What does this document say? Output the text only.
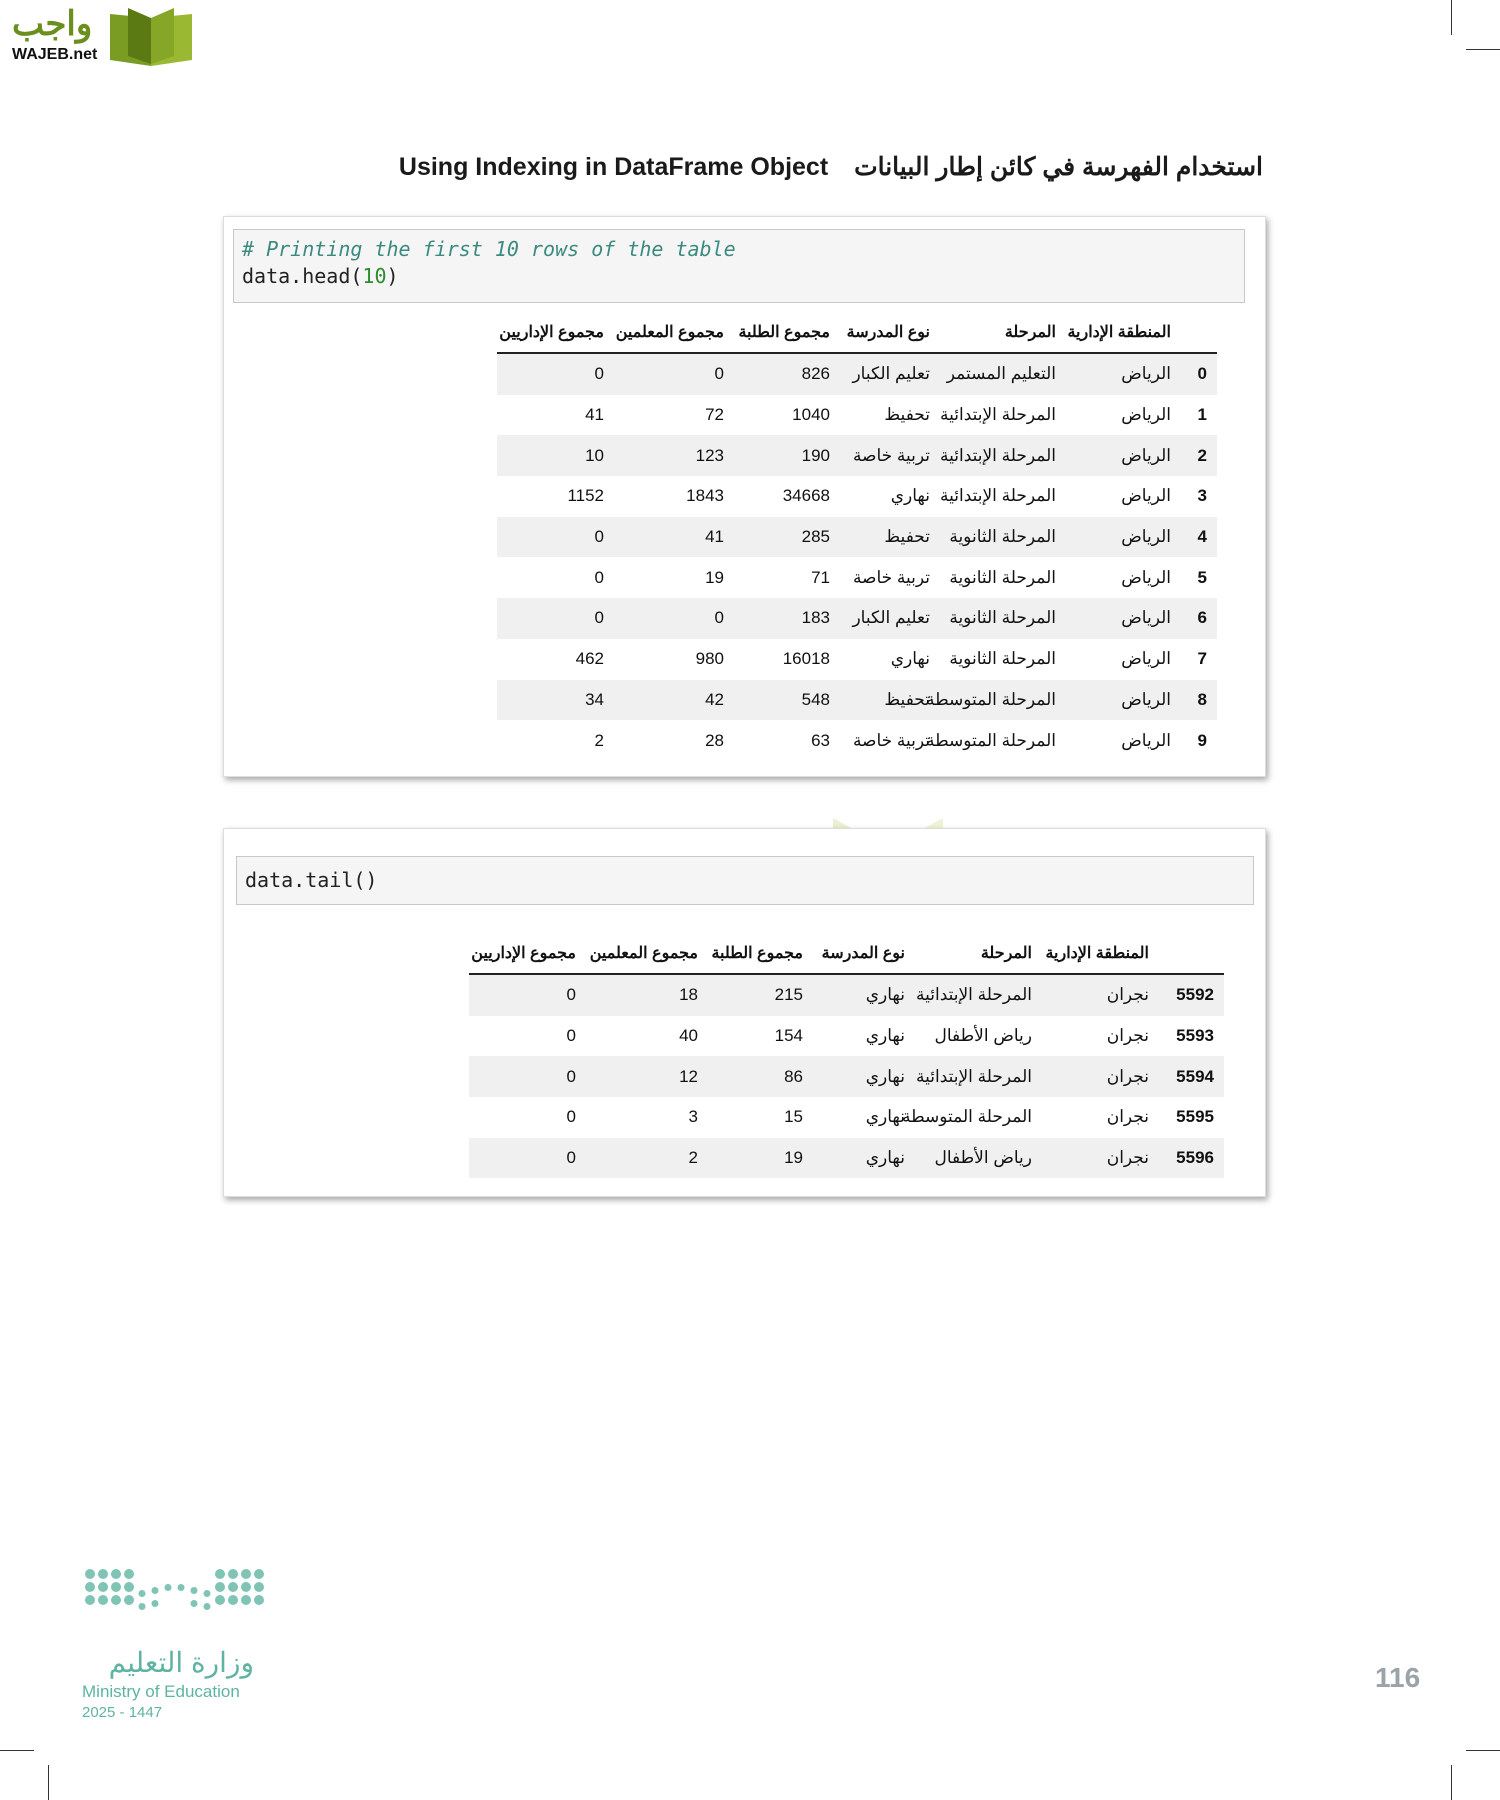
واجب
WAJEB.net
Using Indexing in DataFrame Object استخدام الفهرسة في كائن إطار البيانات
# Printing the first 10 rows of the table
data.head(10)
مجموع الإداريين	مجموع المعلمين	مجموع الطلبة	نوع المدرسة	المرحلة	المنطقة الإدارية	
0	0	826	تعليم الكبار	التعليم المستمر	الرياض	0
41	72	1040	تحفيظ	المرحلة الإبتدائية	الرياض	1
10	123	190	تربية خاصة	المرحلة الإبتدائية	الرياض	2
1152	1843	34668	نهاري	المرحلة الإبتدائية	الرياض	3
0	41	285	تحفيظ	المرحلة الثانوية	الرياض	4
0	19	71	تربية خاصة	المرحلة الثانوية	الرياض	5
0	0	183	تعليم الكبار	المرحلة الثانوية	الرياض	6
462	980	16018	نهاري	المرحلة الثانوية	الرياض	7
34	42	548	تحفيظ	المرحلة المتوسطة	الرياض	8
2	28	63	تربية خاصة	المرحلة المتوسطة	الرياض	9
data.tail()
مجموع الإداريين	مجموع المعلمين	مجموع الطلبة	نوع المدرسة	المرحلة	المنطقة الإدارية	
0	18	215	نهاري	المرحلة الإبتدائية	نجران	5592
0	40	154	نهاري	رياض الأطفال	نجران	5593
0	12	86	نهاري	المرحلة الإبتدائية	نجران	5594
0	3	15	نهاري	المرحلة المتوسطة	نجران	5595
0	2	19	نهاري	رياض الأطفال	نجران	5596
وزارة التعليم
Ministry of Education
2025 - 1447
116
